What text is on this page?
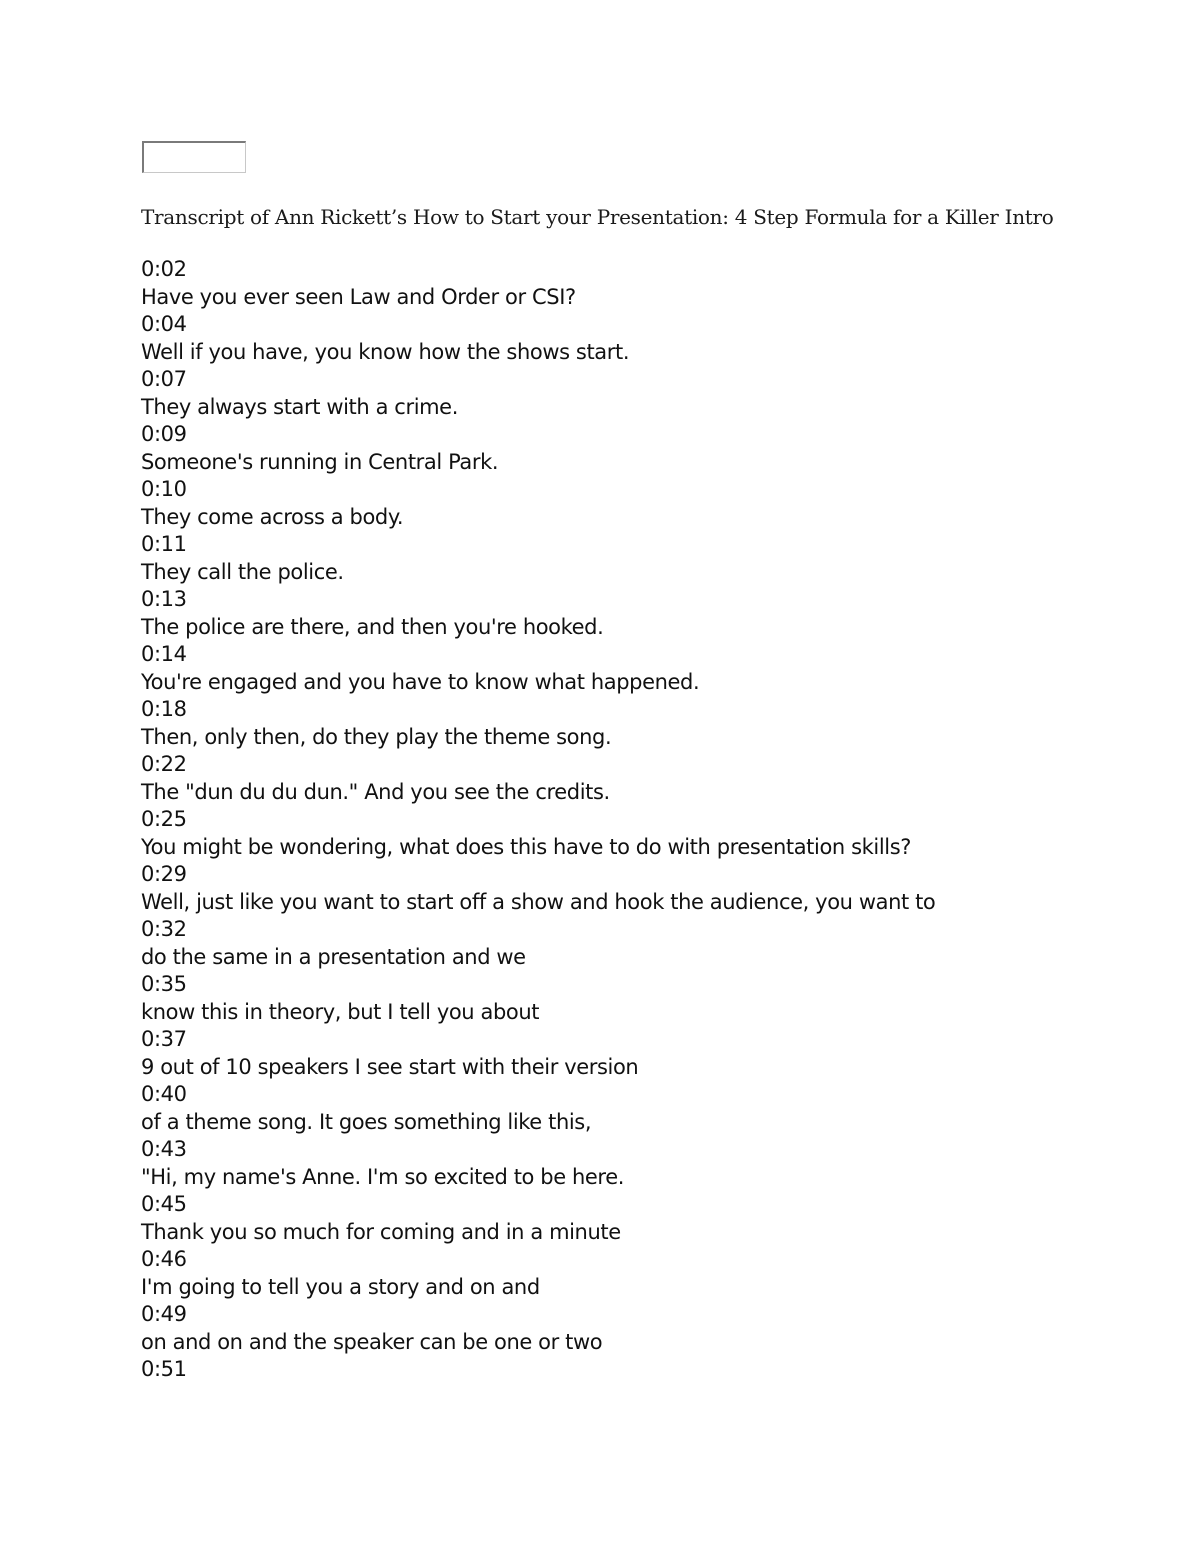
Transcript of Ann Rickett’s How to Start your Presentation: 4 Step Formula for a Killer Intro
0:02
Have you ever seen Law and Order or CSI?
0:04
Well if you have, you know how the shows start.
0:07
They always start with a crime.
0:09
Someone's running in Central Park.
0:10
They come across a body.
0:11
They call the police.
0:13
The police are there, and then you're hooked.
0:14
You're engaged and you have to know what happened.
0:18
Then, only then, do they play the theme song.
0:22
The "dun du du dun." And you see the credits.
0:25
You might be wondering, what does this have to do with presentation skills?
0:29
Well, just like you want to start off a show and hook the audience, you want to
0:32
do the same in a presentation and we
0:35
know this in theory, but I tell you about
0:37
9 out of 10 speakers I see start with their version
0:40
of a theme song. It goes something like this,
0:43
"Hi, my name's Anne. I'm so excited to be here.
0:45
Thank you so much for coming and in a minute
0:46
I'm going to tell you a story and on and
0:49
on and on and the speaker can be one or two
0:51
